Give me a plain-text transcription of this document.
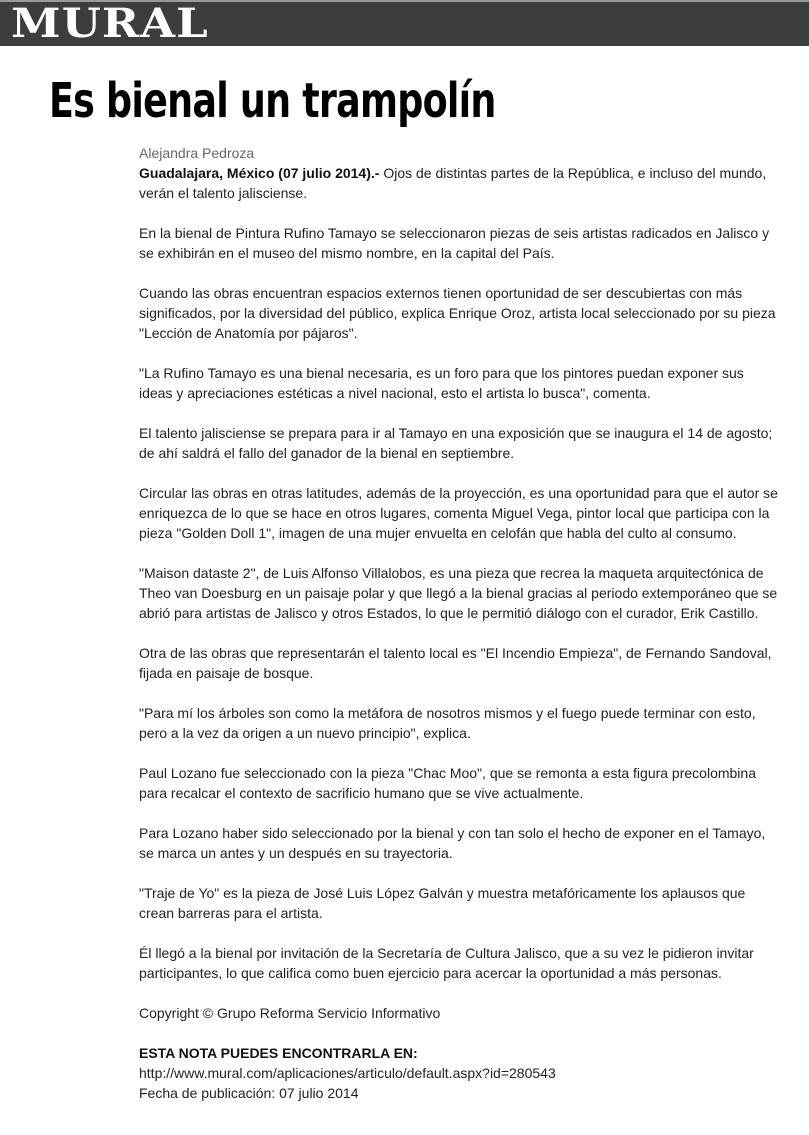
MURAL
Es bienal un trampolín
Alejandra Pedroza

Guadalajara, México (07 julio 2014).- Ojos de distintas partes de la República, e incluso del mundo, verán el talento jalisciense.

En la bienal de Pintura Rufino Tamayo se seleccionaron piezas de seis artistas radicados en Jalisco y se exhibirán en el museo del mismo nombre, en la capital del País.

Cuando las obras encuentran espacios externos tienen oportunidad de ser descubiertas con más significados, por la diversidad del público, explica Enrique Oroz, artista local seleccionado por su pieza "Lección de Anatomía por pájaros".

"La Rufino Tamayo es una bienal necesaria, es un foro para que los pintores puedan exponer sus ideas y apreciaciones estéticas a nivel nacional, esto el artista lo busca", comenta.

El talento jalisciense se prepara para ir al Tamayo en una exposición que se inaugura el 14 de agosto; de ahí saldrá el fallo del ganador de la bienal en septiembre.

Circular las obras en otras latitudes, además de la proyección, es una oportunidad para que el autor se enriquezca de lo que se hace en otros lugares, comenta Miguel Vega, pintor local que participa con la pieza "Golden Doll 1", imagen de una mujer envuelta en celofán que habla del culto al consumo.

"Maison dataste 2", de Luis Alfonso Villalobos, es una pieza que recrea la maqueta arquitectónica de Theo van Doesburg en un paisaje polar y que llegó a la bienal gracias al periodo extemporáneo que se abrió para artistas de Jalisco y otros Estados, lo que le permitió diálogo con el curador, Erik Castillo.

Otra de las obras que representarán el talento local es "El Incendio Empieza", de Fernando Sandoval, fijada en paisaje de bosque.

"Para mí los árboles son como la metáfora de nosotros mismos y el fuego puede terminar con esto, pero a la vez da origen a un nuevo principio", explica.

Paul Lozano fue seleccionado con la pieza "Chac Moo", que se remonta a esta figura precolombina para recalcar el contexto de sacrificio humano que se vive actualmente.

Para Lozano haber sido seleccionado por la bienal y con tan solo el hecho de exponer en el Tamayo, se marca un antes y un después en su trayectoria.

"Traje de Yo" es la pieza de José Luis López Galván y muestra metafóricamente los aplausos que crean barreras para el artista.

Él llegó a la bienal por invitación de la Secretaría de Cultura Jalisco, que a su vez le pidieron invitar participantes, lo que califica como buen ejercicio para acercar la oportunidad a más personas.

Copyright © Grupo Reforma Servicio Informativo

ESTA NOTA PUEDES ENCONTRARLA EN:
http://www.mural.com/aplicaciones/articulo/default.aspx?id=280543
Fecha de publicación: 07 julio 2014
